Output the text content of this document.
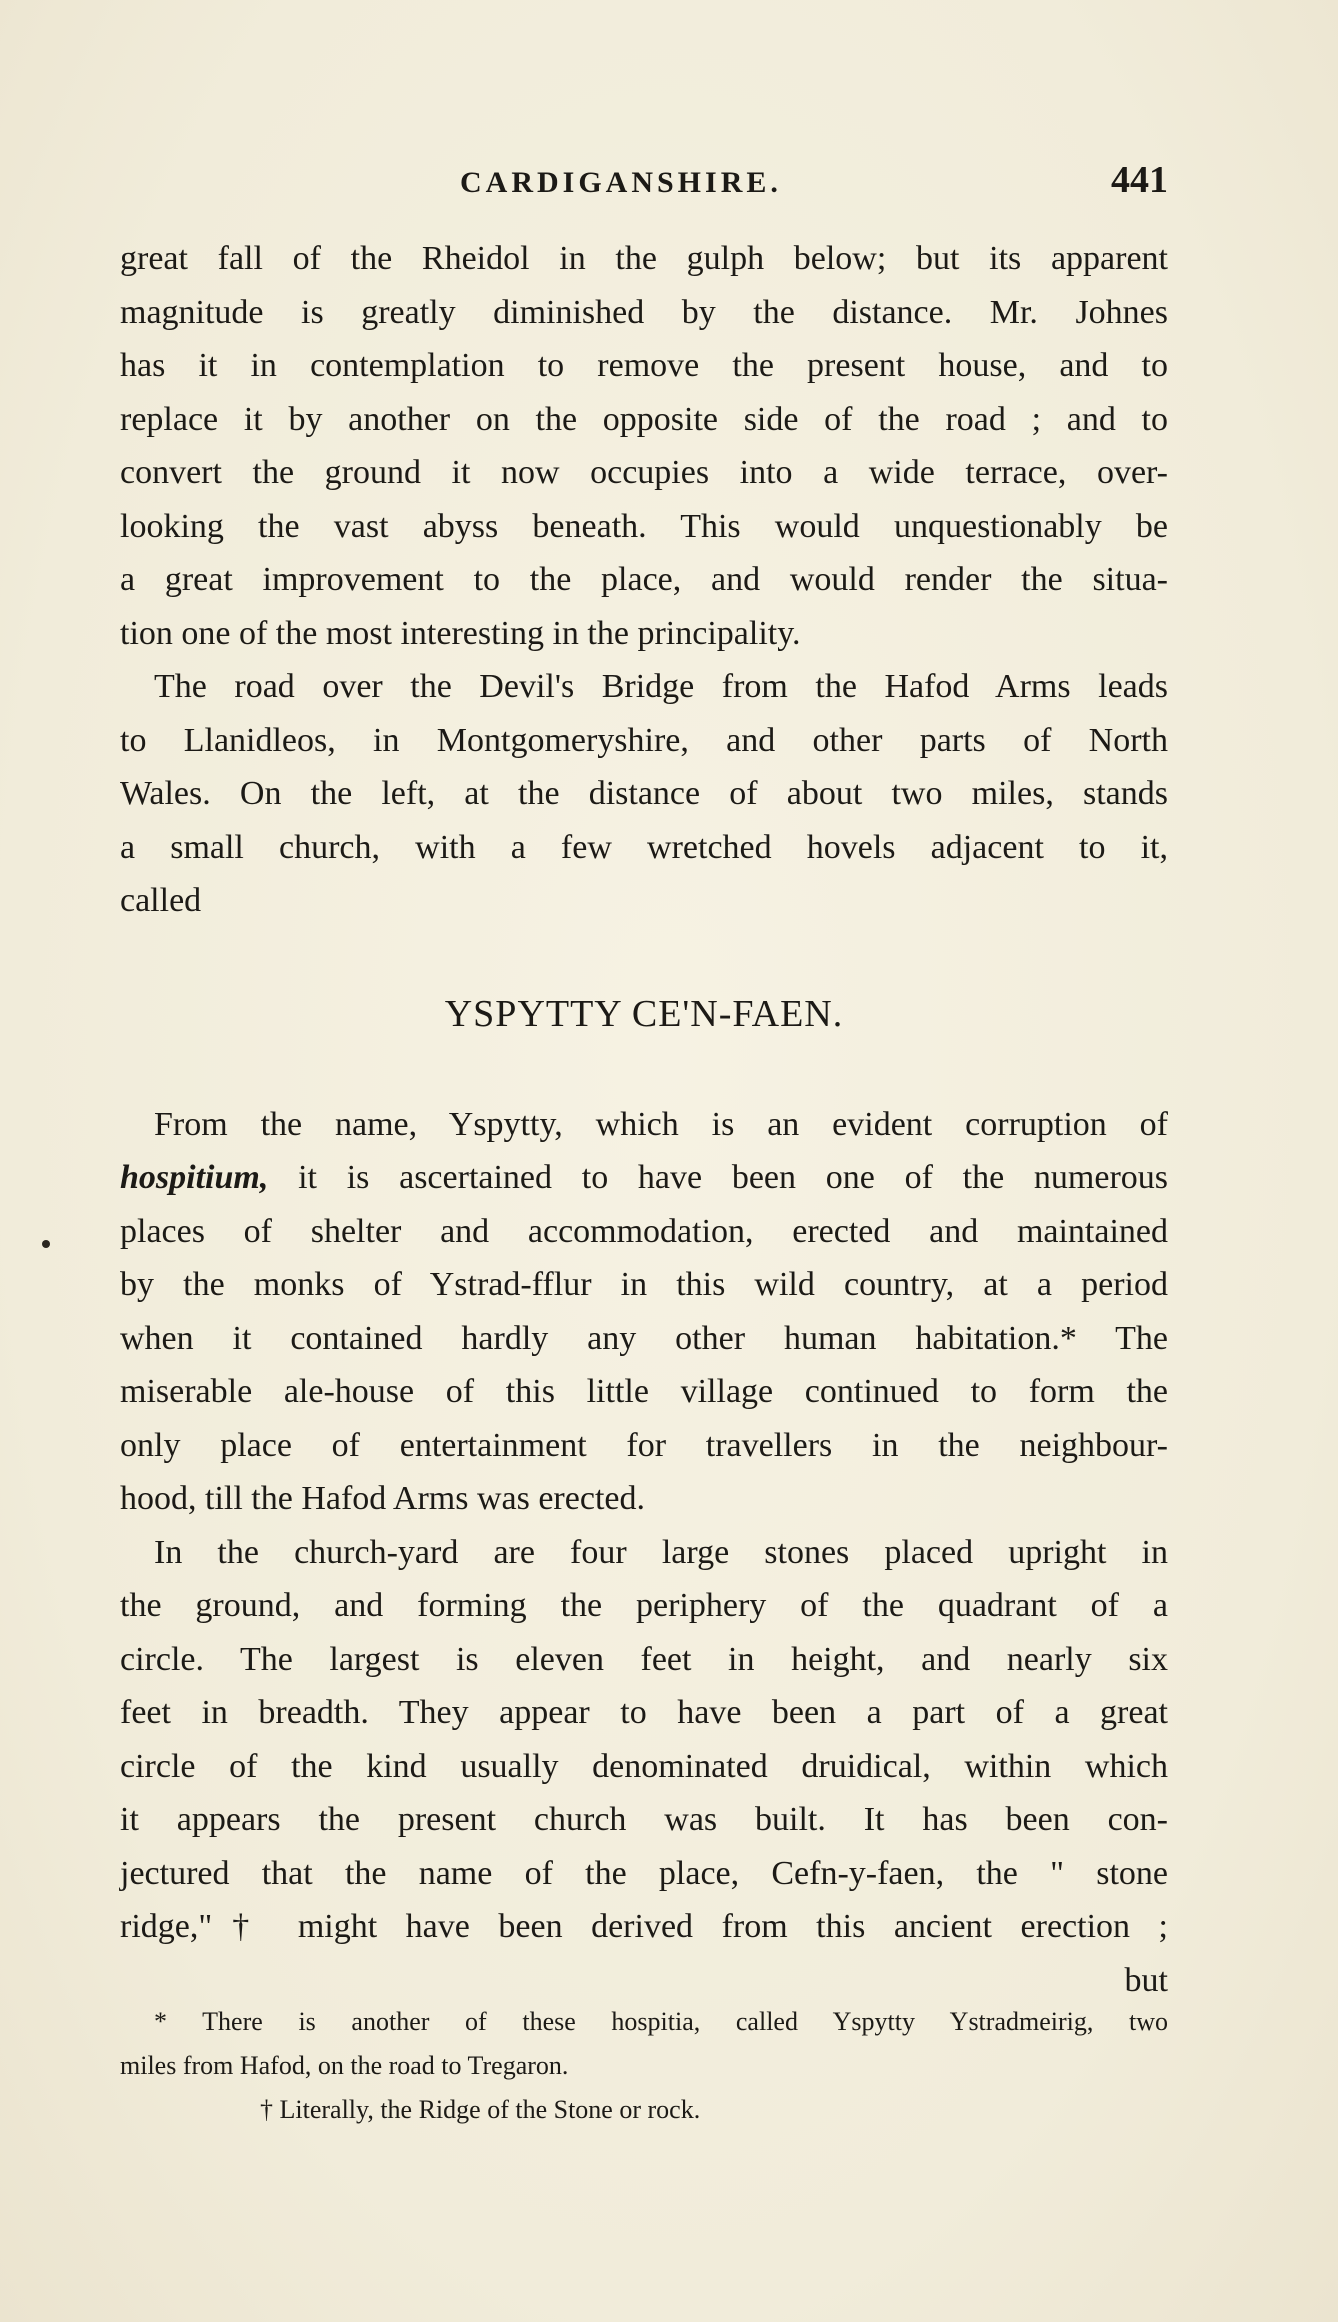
CARDIGANSHIRE.	441
great fall of the Rheidol in the gulph below; but its apparent
magnitude is greatly diminished by the distance. Mr. Johnes
has it in contemplation to remove the present house, and to
replace it by another on the opposite side of the road ; and to
convert the ground it now occupies into a wide terrace, over-
looking the vast abyss beneath. This would unquestionably be
a great improvement to the place, and would render the situa-
tion one of the most interesting in the principality.
The road over the Devil's Bridge from the Hafod Arms leads
to Llanidleos, in Montgomeryshire, and other parts of North
Wales. On the left, at the distance of about two miles, stands
a small church, with a few wretched hovels adjacent to it,
called
YSPYTTY CE'N-FAEN.
From the name, Yspytty, which is an evident corruption of
hospitium, it is ascertained to have been one of the numerous
places of shelter and accommodation, erected and maintained
by the monks of Ystrad-fflur in this wild country, at a period
when it contained hardly any other human habitation.* The
miserable ale-house of this little village continued to form the
only place of entertainment for travellers in the neighbour-
hood, till the Hafod Arms was erected.
In the church-yard are four large stones placed upright in
the ground, and forming the periphery of the quadrant of a
circle. The largest is eleven feet in height, and nearly six
feet in breadth. They appear to have been a part of a great
circle of the kind usually denominated druidical, within which
it appears the present church was built. It has been con-
jectured that the name of the place, Cefn-y-faen, the " stone
ridge,"† might have been derived from this ancient erection ;
but
* There is another of these hospitia, called Yspytty Ystradmeirig, two
miles from Hafod, on the road to Tregaron.
† Literally, the Ridge of the Stone or rock.
